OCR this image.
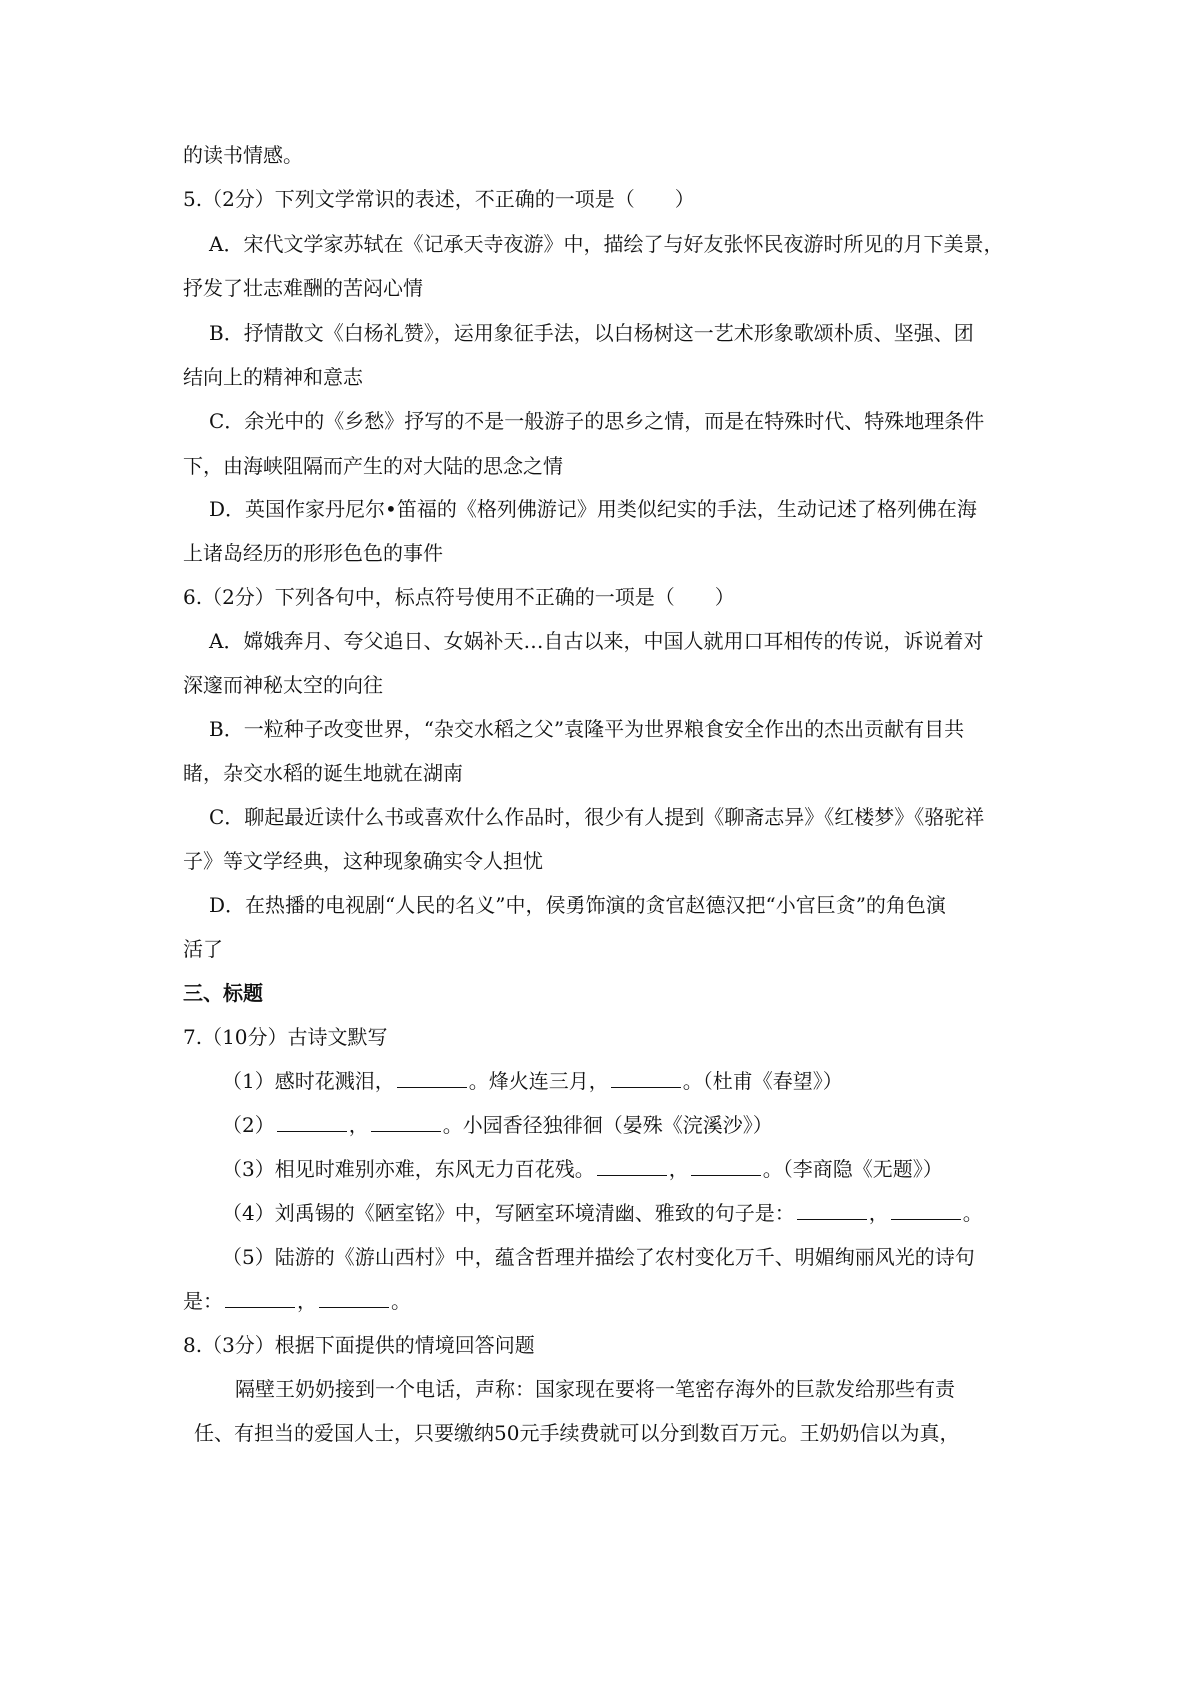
的读书情感。
5.（2分）下列文学常识的表述，不正确的一项是（　　）
A．宋代文学家苏轼在《记承天寺夜游》中，描绘了与好友张怀民夜游时所见的月下美景，
抒发了壮志难酬的苦闷心情
B．抒情散文《白杨礼赞》，运用象征手法，以白杨树这一艺术形象歌颂朴质、坚强、团
结向上的精神和意志
C．余光中的《乡愁》抒写的不是一般游子的思乡之情，而是在特殊时代、特殊地理条件
下，由海峡阻隔而产生的对大陆的思念之情
D．英国作家丹尼尔•笛福的《格列佛游记》用类似纪实的手法，生动记述了格列佛在海
上诸岛经历的形形色色的事件
6.（2分）下列各句中，标点符号使用不正确的一项是（　　）
A．嫦娥奔月、夸父追日、女娲补天…自古以来，中国人就用口耳相传的传说，诉说着对
深邃而神秘太空的向往
B．一粒种子改变世界，“杂交水稻之父”袁隆平为世界粮食安全作出的杰出贡献有目共
睹，杂交水稻的诞生地就在湖南
C．聊起最近读什么书或喜欢什么作品时，很少有人提到《聊斋志异》《红楼梦》《骆驼祥
子》等文学经典，这种现象确实令人担忧
D．在热播的电视剧“人民的名义”中，侯勇饰演的贪官赵德汉把“小官巨贪”的角色演
活了
三、标题
7.（10分）古诗文默写
（1）感时花溅泪，	。烽火连三月，	。（杜甫《春望》）
（2）	，	。小园香径独徘徊（晏殊《浣溪沙》）
（3）相见时难别亦难，东风无力百花残。	，	。（李商隐《无题》）
（4）刘禹锡的《陋室铭》中，写陋室环境清幽、雅致的句子是：	，	。
（5）陆游的《游山西村》中，蕴含哲理并描绘了农村变化万千、明媚绚丽风光的诗句
是：	，	。
8.（3分）根据下面提供的情境回答问题
隔壁王奶奶接到一个电话，声称：国家现在要将一笔密存海外的巨款发给那些有责
任、有担当的爱国人士，只要缴纳50元手续费就可以分到数百万元。王奶奶信以为真，
